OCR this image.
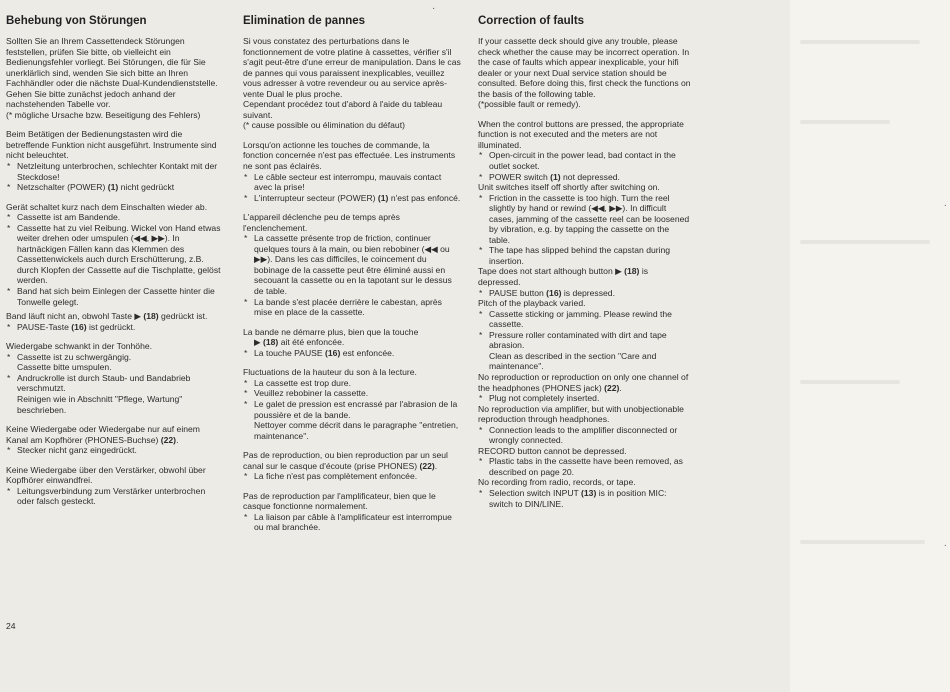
·
·
·
Behebung von Störungen

Sollten Sie an Ihrem Cassettendeck Störungen feststellen, prüfen Sie bitte, ob vielleicht ein Bedienungsfehler vorliegt. Bei Störungen, die für Sie unerklärlich sind, wenden Sie sich bitte an Ihren Fachhändler oder die nächste Dual-Kundendienststelle.

Gehen Sie bitte zunächst jedoch anhand der nachstehenden Tabelle vor.

(* mögliche Ursache bzw. Beseitigung des Fehlers)

Beim Betätigen der Bedienungstasten wird die betreffende Funktion nicht ausgeführt. Instrumente sind nicht beleuchtet.

* Netzleitung unterbrochen, schlechter Kontakt mit der Steckdose!

* Netzschalter (POWER) (1) nicht gedrückt

Gerät schaltet kurz nach dem Einschalten wieder ab.

* Cassette ist am Bandende.

* Cassette hat zu viel Reibung. Wickel von Hand etwas weiter drehen oder umspulen (◀◀, ▶▶). In hartnäckigen Fällen kann das Klemmen des Cassettenwickels auch durch Erschütterung, z.B. durch Klopfen der Cassette auf die Tischplatte, gelöst werden.

* Band hat sich beim Einlegen der Cassette hinter die Tonwelle gelegt.

Band läuft nicht an, obwohl Taste ▶ (18) gedrückt ist.

* PAUSE-Taste (16) ist gedrückt.

Wiedergabe schwankt in der Tonhöhe.

* Cassette ist zu schwergängig.

Cassette bitte umspulen.

* Andruckrolle ist durch Staub- und Bandabrieb verschmutzt.

Reinigen wie in Abschnitt "Pflege, Wartung" beschrieben.

Keine Wiedergabe oder Wiedergabe nur auf einem Kanal am Kopfhörer (PHONES-Buchse) (22).

* Stecker nicht ganz eingedrückt.

Keine Wiedergabe über den Verstärker, obwohl über Kopfhörer einwandfrei.

* Leitungsverbindung zum Verstärker unterbrochen oder falsch gesteckt.

24
Elimination de pannes

Si vous constatez des perturbations dans le fonctionnement de votre platine à cassettes, vérifier s'il s'agit peut-être d'une erreur de manipulation. Dans le cas de pannes qui vous paraissent inexplicables, veuillez vous adresser à votre revendeur ou au service après-vente Dual le plus proche.

Cependant procédez tout d'abord à l'aide du tableau suivant.

(* cause possible ou élimination du défaut)

Lorsqu'on actionne les touches de commande, la fonction concernée n'est pas effectuée. Les instruments ne sont pas éclairés.

* Le câble secteur est interrompu, mauvais contact avec la prise!

* L'interrupteur secteur (POWER) (1) n'est pas enfoncé.

L'appareil déclenche peu de temps après l'enclenchement.

* La cassette présente trop de friction, continuer quelques tours à la main, ou bien rebobiner (◀◀ ou ▶▶). Dans les cas difficiles, le coincement du bobinage de la cassette peut être éliminé aussi en secouant la cassette ou en la tapotant sur le dessus de table.

* La bande s'est placée derrière le cabestan, après mise en place de la cassette.

La bande ne démarre plus, bien que la touche

▶ (18) ait été enfoncée.

* La touche PAUSE (16) est enfoncée.

Fluctuations de la hauteur du son à la lecture.

* La cassette est trop dure.

* Veuillez rebobiner la cassette.

* Le galet de pression est encrassé par l'abrasion de la poussière et de la bande.

Nettoyer comme décrit dans le paragraphe "entretien, maintenance".

Pas de reproduction, ou bien reproduction par un seul canal sur le casque d'écoute (prise PHONES) (22).

* La fiche n'est pas complètement enfoncée.

Pas de reproduction par l'amplificateur, bien que le casque fonctionne normalement.

* La liaison par câble à l'amplificateur est interrompue ou mal branchée.

Correction of faults

If your cassette deck should give any trouble, please check whether the cause may be incorrect operation. In the case of faults which appear inexplicable, your hifi dealer or your next Dual service station should be consulted. Before doing this, first check the functions on the basis of the following table.

(*possible fault or remedy).

When the control buttons are pressed, the appropriate function is not executed and the meters are not illuminated.

* Open-circuit in the power lead, bad contact in the outlet socket.

* POWER switch (1) not depressed.

Unit switches itself off shortly after switching on.

* Friction in the cassette is too high. Turn the reel slightly by hand or rewind (◀◀, ▶▶). In difficult cases, jamming of the cassette reel can be loosened by vibration, e.g. by tapping the cassette on the table.

* The tape has slipped behind the capstan during insertion.

Tape does not start although button ▶ (18) is depressed.

* PAUSE button (16) is depressed.

Pitch of the playback varied.

* Cassette sticking or jamming. Please rewind the cassette.

* Pressure roller contaminated with dirt and tape abrasion.

Clean as described in the section "Care and maintenance".

No reproduction or reproduction on only one channel of the headphones (PHONES jack) (22).

* Plug not completely inserted.

No reproduction via amplifier, but with unobjectionable reproduction through headphones.

* Connection leads to the amplifier disconnected or wrongly connected.

RECORD button cannot be depressed.

* Plastic tabs in the cassette have been removed, as described on page 20.

No recording from radio, records, or tape.

* Selection switch INPUT (13) is in position MIC: switch to DIN/LINE.
